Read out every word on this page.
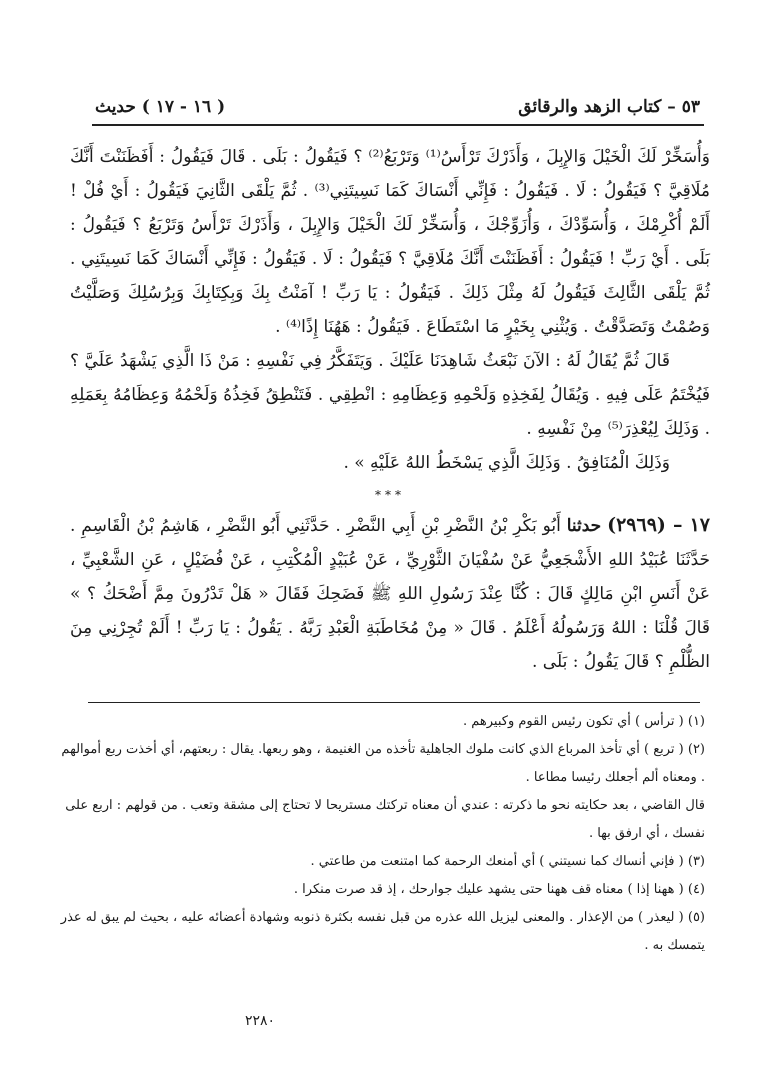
٥٣ – كتاب الزهد والرقائق
( ١٦ - ١٧ ) حديث

وَأُسَخِّرْ لَكَ الْخَيْلَ وَالإِبِلَ ، وَأَذَرْكَ تَرْأَسُ⁽¹⁾ وَتَرْبَعُ⁽²⁾ ؟ فَيَقُولُ : بَلَى . قَالَ فَيَقُولُ : أَفَظَنَنْتَ أَنَّكَ مُلَاقِيَّ ؟ فَيَقُولُ : لَا . فَيَقُولُ : فَإِنِّي أَنْسَاكَ كَمَا نَسِيتَنِي⁽³⁾ . ثُمَّ يَلْقَى الثَّانِيَ فَيَقُولُ : أَيْ فُلْ ! أَلَمْ أُكْرِمْكَ ، وَأُسَوِّدْكَ ، وَأُزَوِّجْكَ ، وَأُسَخِّرْ لَكَ الْخَيْلَ وَالإِبِلَ ، وَأَذَرْكَ تَرْأَسُ وَتَرْبَعُ ؟ فَيَقُولُ : بَلَى . أَيْ رَبِّ ! فَيَقُولُ : أَفَظَنَنْتَ أَنَّكَ مُلَاقِيَّ ؟ فَيَقُولُ : لَا . فَيَقُولُ : فَإِنِّي أَنْسَاكَ كَمَا نَسِيتَنِي . ثُمَّ يَلْقَى الثَّالِثَ فَيَقُولُ لَهُ مِثْلَ ذَلِكَ . فَيَقُولُ : يَا رَبِّ ! آمَنْتُ بِكَ وَبِكِتَابِكَ وَبِرُسُلِكَ وَصَلَّيْتُ وَصُمْتُ وَتَصَدَّقْتُ . وَيُثْنِي بِخَيْرٍ مَا اسْتَطَاعَ . فَيَقُولُ : هَهُنَا إِذًا⁽⁴⁾ .

قَالَ ثُمَّ يُقَالُ لَهُ : الآنَ نَبْعَثُ شَاهِدَنَا عَلَيْكَ . وَيَتَفَكَّرُ فِي نَفْسِهِ : مَنْ ذَا الَّذِي يَشْهَدُ عَلَيَّ ؟ فَيُخْتَمُ عَلَى فِيهِ . وَيُقَالُ لِفَخِذِهِ وَلَحْمِهِ وَعِظَامِهِ : انْطِقِي . فَتَنْطِقُ فَخِذُهُ وَلَحْمُهُ وَعِظَامُهُ بِعَمَلِهِ . وَذَلِكَ لِيُعْذِرَ⁽⁵⁾ مِنْ نَفْسِهِ .

وَذَلِكَ الْمُنَافِقُ . وَذَلِكَ الَّذِي يَسْخَطُ اللهُ عَلَيْهِ » .

***

١٧ – (٢٩٦٩) حدثنا أَبُو بَكْرِ بْنُ النَّضْرِ بْنِ أَبِي النَّضْرِ . حَدَّثَنِي أَبُو النَّضْرِ ، هَاشِمُ بْنُ الْقَاسِمِ . حَدَّثَنَا عُبَيْدُ اللهِ الأَشْجَعِيُّ عَنْ سُفْيَانَ الثَّوْرِيِّ ، عَنْ عُبَيْدٍ الْمُكْتِبِ ، عَنْ فُضَيْلٍ ، عَنِ الشَّعْبِيِّ ، عَنْ أَنَسِ ابْنِ مَالِكٍ قَالَ : كُنَّا عِنْدَ رَسُولِ اللهِ ﷺ فَضَحِكَ فَقَالَ « هَلْ تَدْرُونَ مِمَّ أَضْحَكُ ؟ » قَالَ قُلْنَا : اللهُ وَرَسُولُهُ أَعْلَمُ . قَالَ « مِنْ مُخَاطَبَةِ الْعَبْدِ رَبَّهُ . يَقُولُ : يَا رَبِّ ! أَلَمْ تُجِرْنِي مِنَ الظُّلْمِ ؟ قَالَ يَقُولُ : بَلَى .

(١) ( ترأس ) أي تكون رئيس القوم وكبيرهم .

(٢) ( تربع ) أي تأخذ المرباع الذي كانت ملوك الجاهلية تأخذه من الغنيمة ، وهو ربعها. يقال : ربعتهم، أي أخذت ربع أموالهم . ومعناه ألم أجعلك رئيسا مطاعا .

قال القاضي ، بعد حكايته نحو ما ذكرته : عندي أن معناه تركتك مستريحا لا تحتاج إلى مشقة وتعب . من قولهم : اربع على نفسك ، أي ارفق بها .

(٣) ( فإني أنساك كما نسيتني ) أي أمنعك الرحمة كما امتنعت من طاعتي .

(٤) ( ههنا إذا ) معناه قف ههنا حتى يشهد عليك جوارحك ، إذ قد صرت منكرا .

(٥) ( ليعذر ) من الإعذار . والمعنى ليزيل الله عذره من قبل نفسه بكثرة ذنوبه وشهادة أعضائه عليه ، بحيث لم يبق له عذر يتمسك به .

٢٢٨٠
